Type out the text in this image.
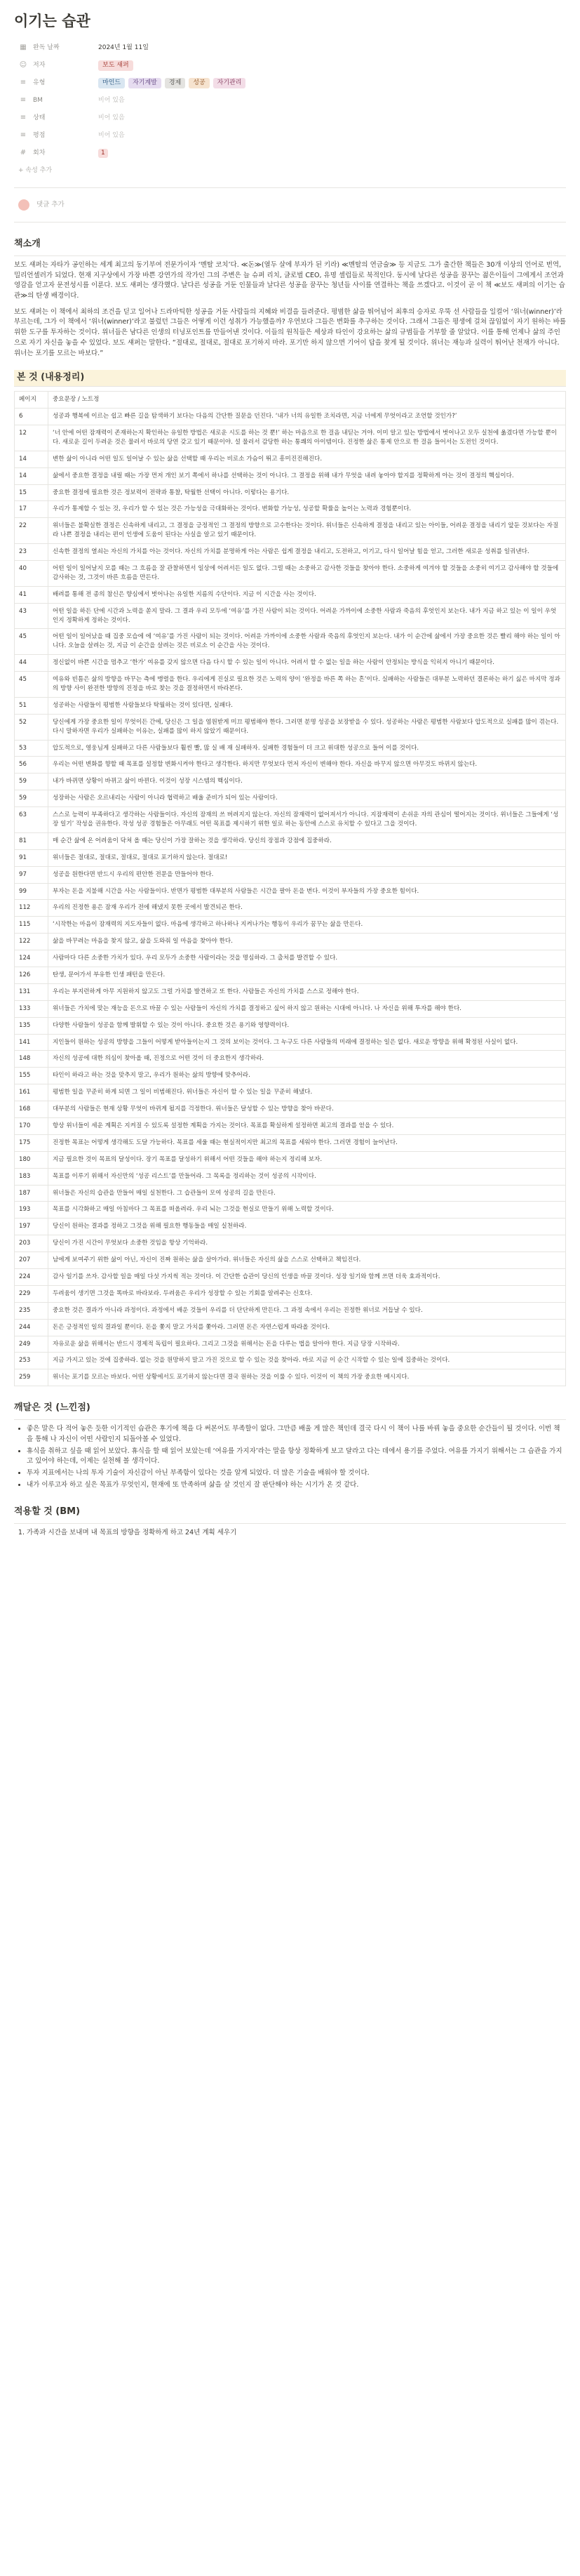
이기는 습관
▦ 완독 날짜	2024년 1월 11일
☺ 저자	보도 섀퍼
≡	유형	마인드	자기계발	경제	성공	자기관리
≡	BM	비어 있음
≡	상태	비어 있음
≡	평점	비어 있음
#	회차	1
+ 속성 추가
댓글 추가
책소개

보도 섀퍼는 자타가 공인하는 세계 최고의 동기부여 전문가이자 ‘멘탈 코치’다. ≪돈≫(열두 살에 부자가 된 키라) ≪멘탈의 연금술≫ 등 지금도 그가 출간한 책들은 30개 이상의 언어로 번역, 밀리언셀러가 되었다. 현재 지구상에서 가장 바쁜 강연가의 작가인 그의 주변은 늘 슈퍼 리치, 글로벌 CEO, 유명 셀럽들로 북적인다. 동시에 날다른 성공을 꿈꾸는 젊은이들이 그에게서 조언과 영감을 얻고자 문전성시를 이룬다. 보도 섀퍼는 생각했다. 날다른 성공을 거둔 인물들과 날다른 성공을 꿈꾸는 청년들 사이를 연결하는 책을 쓰겠다고. 이것이 곧 이 책 ≪보도 섀퍼의 이기는 습관≫의 탄생 배경이다.

보도 섀퍼는 이 책에서 최하의 조건을 딛고 일어나 드라마틱한 성공을 거둔 사람들의 지혜와 비결을 들려준다. 평범한 삶을 뛰어넘어 최후의 승자로 우뚝 선 사람들을 일컬어 ‘위너(winner)’라 부르는데, 그가 이 책에서 ‘위너(winner)’라고 불렀던 그들은 어떻게 이런 성취가 가능했을까? 우연보다 그들은 변화를 추구하는 것이다. 그래서 그들은 평생에 걸쳐 끊임없이 자기 원하는 바를 위한 도구를 투자하는 것이다. 위너들은 남다른 인생의 터닝포인트를 만들어낸 것이다. 이들의 원칙들은 세상과 타인이 강요하는 삶의 규범들을 거부할 줄 알았다. 이를 통해 언제나 삶의 주인으로 자기 자신을 놓을 수 있었다. 보도 섀퍼는 말한다. “절대로, 절대로, 절대로 포기하지 마라. 포기만 하지 않으면 기어이 답을 찾게 될 것이다. 위너는 재능과 실력이 뛰어난 천재가 아니다. 위너는 포기를 모르는 바보다.”

본 것 (내용정리)
페이지	중요문장 / 노트정
6	성공과 행복에 이르는 쉽고 빠른 길을 탐색하기 보다는 다음의 간단한 질문을 던진다. ‘내가 너의 유일한 조치라면, 지금 너에게 무엇이라고 조언할 것인가?’
12	‘너 안에 어떤 잠재력이 존재하는지 확인하는 유일한 방법은 새로운 시도를 하는 것 뿐!’ 하는 마음으로 한 걸음 내딛는 거야. 이미 알고 있는 방법에서 벗어나고 모두 실천에 옮겼다면 가능할 뿐이다. 새로운 길이 두려운 것은 물러서 바로의 당연 갖고 있기 때문이야. 설 물러서 감당한 하는 통쾌의 아이템이다. 진정한 삶은 통제 안으로 한 걸음 들어서는 도전인 것이다.
14	변한 삶이 아니라 어떤 일도 일어날 수 있는 삶을 선택할 때 우리는 비로소 가슴이 뛰고 흥미진진해진다.
14	삶에서 중요한 결정을 내릴 때는 가장 먼저 개인 보기 쪽에서 하나를 선택하는 것이 아니다. 그 결정을 위해 내가 무엇을 내려 놓아야 할지를 정확하게 아는 것이 결정의 핵심이다.
15	중요한 결정에 필요한 것은 정보력이 전략과 통찰, 탁월한 선택이 아니다. 이렇다는 용기다.
17	우리가 통제할 수 있는 것, 우리가 할 수 있는 것은 가능성을 극대화하는 것이다. 변화할 가능성, 성공할 확률을 높이는 노력과 경험뿐이다.
22	위너들은 불확실한 결정은 신속하게 내리고, 그 결정을 긍정적인 그 결정의 방향으로 고수한다는 것이다. 위너들은 신속하게 결정을 내리고 있는 아이들, 어려운 결정을 내리기 앞둔 것보다는 자질라 나쁜 결정을 내리는 편이 인생에 도움이 된다는 사실을 알고 있기 때문이다.
23	신속한 결정의 열쇠는 자신의 가치를 아는 것이다. 자신의 가치를 분명하게 아는 사람은 쉽게 결정을 내리고, 도전하고, 이기고, 다시 일어날 힘을 얻고, 그러한 새로운 성취를 일궈낸다.
40	어떤 일이 일어날지 모를 때는 그 흐름을 잘 관찰하면서 일상에 어려서든 일도 없다. 그럴 때는 소중하고 감사한 것들을 찾아야 한다. 소중하게 여겨야 할 것들을 소중히 여기고 감사해야 할 것들에 감사하는 것, 그것이 바른 흐름을 만든다.
41	배려를 통해 전 종의 참신은 향심에서 벗어나는 유일한 지름의 수단이다. 지금 이 시간을 사는 것이다.
43	어떤 일을 하든 단에 시간과 노력을 쏟지 말라. 그 결과 우리 모두에 ‘여유’를 가진 사람이 되는 것이다. 어려운 가까이에 소중한 사람과 죽음의 후엇인지 보는다. 내가 지금 하고 있는 이 일이 우엇인지 정확하게 정하는 것이다.
45	어떤 일이 일어났을 때 집중 모습에 에 ‘여유’를 가진 사람이 되는 것이다. 어려운 가까이에 소중한 사람과 죽음의 후엇인지 보는다. 내가 이 순간에 삶에서 가장 중요한 것은 빨리 해야 하는 일이 아니다. 오늘을 살려는 것, 지금 이 순간을 살려는 것은 비로소 이 순간을 사는 것이다.
44	정신없이 바쁜 시간을 멈추고 ‘한가’ 여유를 갖지 않으면 다음 다시 할 수 있는 일이 아니다. 어려서 할 수 없는 일을 하는 사람이 안정되는 방식을 익히지 아니기 때문이다.
45	여유와 빈틈은 삶의 방향을 바꾸는 측에 맹렬을 한다. 우리에게 진실로 필요한 것은 노력의 양이 ‘완정을 바른 쪽 하는 흔’이다. 실패하는 사람들은 대부분 노력하던 결론하는 하기 싫은 마지막 정과의 방향 사이 완전한 방향의 진정을 바로 찾는 것을 결정하면서 바라본다.
51	성공하는 사람들이 평범한 사람들보다 탁월하는 것이 있다면, 실패다.
52	당신에게 가장 중요한 일이 무엇이든 간에, 당신은 그 일을 염원받게 미끄 평범해야 한다. 그러면 분명 성공을 보장받을 수 있다. 성공하는 사람은 평범한 사람보다 압도적으로 실패를 많이 겪는다. 다시 말하자면 우리가 실패하는 이유는, 실패를 많이 하지 않았기 때문이다.
53	압도적으로, 영웅님게 실패하고 다른 사람들보다 훨씬 빨, 많 실 배 재 실패하자. 실패한 경험들이 더 크고 위대한 성공으로 들어 이를 것이다.
56	우리는 어떤 변화를 향할 때 목표를 설정할 변화시켜야 한다고 생각한다. 하지만 무엇보다 먼저 자신이 변해야 한다. 자신을 바꾸지 않으면 아무것도 바뀌지 않는다.
59	내가 바뀌면 상황이 바뀌고 삶이 바뀐다. 이것이 성장 시스템의 핵심이다.
59	성장하는 사람은 오르내리는 사람이 아니라 협력하고 배울 준비가 되어 있는 사람이다.
63	스스로 능력이 부족하다고 생각하는 사람들이다. 자신의 잠재의 쓰 버려지지 않는다. 자신의 잠재력이 없어져서가 아니다. 지잠재력이 손쉬운 자의 관심이 떨어지는 것이다. 위너들은 그들에게 ‘성장 일기’ 작성을 권유한다. 작성 성공 경험들은 아무래도 어떤 목표를 제시하기 위한 일로 하는 동안에 스스로 유치할 수 있다고 그을 것이다.
81	매 순간 삶에 온 어려움이 닥쳐 올 때는 당신이 가장 잘하는 것을 생각하라. 당신의 장점과 강점에 집중하라.
91	위너들은 절대로, 절대로, 절대로, 절대로 포기하지 않는다. 절대로!
97	성공을 원한다면 반드시 우리의 편안한 전문을 만들어야 한다.
99	부자는 돈을 지불해 시간을 사는 사람들이다. 반면가 평범한 대부분의 사람들은 시간을 팔아 돈을 번다. 이것이 부자들의 가장 중요한 힘이다.
112	우리의 진정한 용은 잠재 우리가 전에 해냈지 못한 곳에서 발견되곤 한다.
115	‘시작한는 마음이 잠재력의 지도자들이 없다. 마음에 생각하고 하나하나 지켜나가는 행동이 우리가 꿈꾸는 삶을 만든다.
122	삶을 바꾸려는 마음을 찾지 않고, 삶을 도와줘 일 마음을 찾아야 한다.
124	사람마다 다른 소중한 가치가 있다. 우리 모두가 소중한 사람이라는 것을 명심하라. 그 출처를 발견할 수 있다.
126	탄생, 문어가서 부유한 인생 패턴을 만든다.
131	우리는 부지런하게 아무 지원하지 않고도 그럴 가치를 발견하고 또 한다. 사람들은 자신의 가치를 스스로 정해야 한다.
133	위너들은 가치에 맞는 재능을 돈으로 바꿀 수 있는 사람들이 자신의 가치를 결정하고 싶어 하지 않고 원하는 시대에 아니다. 나 자신을 위해 투자를 해야 한다.
135	다양한 사람들이 성공을 함께 발휘할 수 있는 것이 아니다. 중요한 것은 용기와 영향력이다.
141	지인들이 원하는 성공의 방향을 그들이 어떻게 받아들이는지 그 것의 보이는 것이다. 그 누구도 다른 사람들의 미래에 결정하는 일은 없다. 새로운 방향을 위해 확정된 사실이 없다.
148	자신의 성공에 대한 의심이 찾아올 때, 진정으로 어떤 것이 더 중요한지 생각하라.
155	타인이 하라고 하는 것을 맞추지 말고, 우리가 원하는 삶의 방향에 맞추어라.
161	평범한 일을 꾸준히 하게 되면 그 일이 비범해진다. 위너들은 자신이 할 수 있는 일을 꾸준히 해냈다.
168	대부분의 사람들은 현재 상황 무엇이 바뀌게 될지를 걱정한다. 위너들은 달성할 수 있는 방향을 찾아 바꾼다.
170	항상 위너들이 세운 계획은 지켜질 수 있도록 설정한 계획을 가지는 것이다. 목표를 확실하게 설정하면 최고의 결과를 얻을 수 있다.
175	진정한 목표는 어떻게 생각해도 도달 가능하다. 목표를 세울 때는 현실적이지만 최고의 목표를 세워야 한다. 그러면 경험이 늘어난다.
180	지금 필요한 것이 목표의 달성이다. 장기 목표를 달성하기 위해서 어떤 것들을 해야 하는지 정리해 보자.
183	목표를 이루기 위해서 자신만의 ‘성공 리스트’를 만들어라. 그 목록을 정리하는 것이 성공의 시작이다.
187	위너들은 자신의 습관을 만들어 매일 실천한다. 그 습관들이 모여 성공의 길을 만든다.
193	목표를 시각화하고 매일 아침마다 그 목표를 떠올려라. 우리 뇌는 그것을 현실로 만들기 위해 노력할 것이다.
197	당신이 원하는 결과를 정하고 그것을 위해 필요한 행동들을 매일 실천하라.
203	당신이 가진 시간이 무엇보다 소중한 것임을 항상 기억하라.
207	남에게 보여주기 위한 삶이 아닌, 자신이 진짜 원하는 삶을 살아가라. 위너들은 자신의 삶을 스스로 선택하고 책임진다.
224	감사 일기를 쓰자. 감사할 일을 매일 다섯 가지씩 적는 것이다. 이 간단한 습관이 당신의 인생을 바꿀 것이다. 성장 일기와 함께 쓰면 더욱 효과적이다.
229	두려움이 생기면 그것을 똑바로 바라보라. 두려움은 우리가 성장할 수 있는 기회를 알려주는 신호다.
235	중요한 것은 결과가 아니라 과정이다. 과정에서 배운 것들이 우리를 더 단단하게 만든다. 그 과정 속에서 우리는 진정한 위너로 거듭날 수 있다.
244	돈은 긍정적인 일의 결과일 뿐이다. 돈을 쫓지 말고 가치를 쫓아라. 그러면 돈은 자연스럽게 따라올 것이다.
249	자유로운 삶을 위해서는 반드시 경제적 독립이 필요하다. 그리고 그것을 위해서는 돈을 다루는 법을 알아야 한다. 지금 당장 시작하라.
253	지금 가지고 있는 것에 집중하라. 없는 것을 원망하지 말고 가진 것으로 할 수 있는 것을 찾아라. 바로 지금 이 순간 시작할 수 있는 일에 집중하는 것이다.
259	위너는 포기를 모르는 바보다. 어떤 상황에서도 포기하지 않는다면 결국 원하는 것을 이룰 수 있다. 이것이 이 책의 가장 중요한 메시지다.
깨달은 것 (느낀점)
• 좋은 말은 다 적어 놓은 듯한 이기적인 습관은 후기에 책을 다 써본어도 부족할이 없다. 그만큼 배울 게 많은 책인데 결국 다시 이 책이 나를 바꿔 놓을 중요한 순간들이 될 것이다. 이번 책을 통해 나 자신이 어떤 사람인지 되돌아볼 수 있었다.
• 휴식을 취하고 싶을 때 읽어 보았다. 휴식을 할 때 읽어 보았는데 ‘여유를 가지자’라는 말을 항상 정확하게 보고 달라고 다는 데에서 용기를 주었다. 여유를 가지기 위해서는 그 습관을 가지고 있어야 하는데, 이제는 실천해 볼 생각이다.
• 투자 지표에서는 나의 투자 기술이 자신감이 아닌 부족함이 있다는 것을 알게 되었다. 더 많은 기술을 배워야 할 것이다.
• 내가 이루고자 하고 싶은 목표가 무엇인지, 현재에 또 만족하며 삶을 살 것인지 잘 판단해야 하는 시기가 온 것 같다.
적용할 것 (BM)
1. 가족과 시간을 보내며 내 목표의 방향을 정확하게 하고 24년 계획 세우기
